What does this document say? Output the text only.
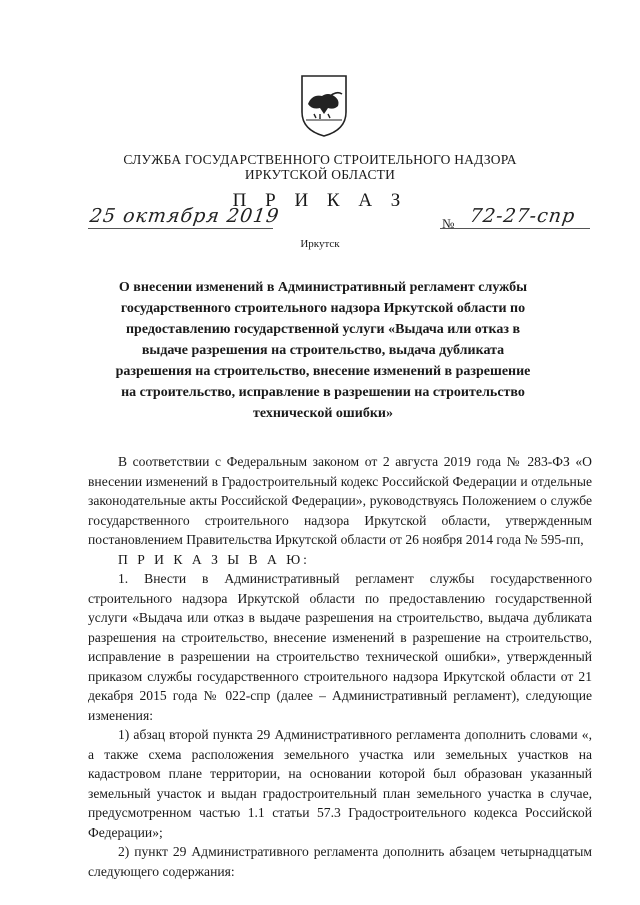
СЛУЖБА ГОСУДАРСТВЕННОГО СТРОИТЕЛЬНОГО НАДЗОРА
ИРКУТСКОЙ ОБЛАСТИ
П Р И К А З
25 октября 2019	№ 72-27-спр
Иркутск
О внесении изменений в Административный регламент службы государственного строительного надзора Иркутской области по предоставлению государственной услуги «Выдача или отказ в выдаче разрешения на строительство, выдача дубликата разрешения на строительство, внесение изменений в разрешение на строительство, исправление в разрешении на строительство технической ошибки»

В соответствии с Федеральным законом от 2 августа 2019 года № 283-ФЗ «О внесении изменений в Градостроительный кодекс Российской Федерации и отдельные законодательные акты Российской Федерации», руководствуясь Положением о службе государственного строительного надзора Иркутской области, утвержденным постановлением Правительства Иркутской области от 26 ноября 2014 года № 595-пп,

П Р И К А З Ы В А Ю:

1. Внести в Административный регламент службы государственного строительного надзора Иркутской области по предоставлению государственной услуги «Выдача или отказ в выдаче разрешения на строительство, выдача дубликата разрешения на строительство, внесение изменений в разрешение на строительство, исправление в разрешении на строительство технической ошибки», утвержденный приказом службы государственного строительного надзора Иркутской области от 21 декабря 2015 года № 022-спр (далее – Административный регламент), следующие изменения:

1) абзац второй пункта 29 Административного регламента дополнить словами «, а также схема расположения земельного участка или земельных участков на кадастровом плане территории, на основании которой был образован указанный земельный участок и выдан градостроительный план земельного участка в случае, предусмотренном частью 1.1 статьи 57.3 Градостроительного кодекса Российской Федерации»;

2) пункт 29 Административного регламента дополнить абзацем четырнадцатым следующего содержания:
